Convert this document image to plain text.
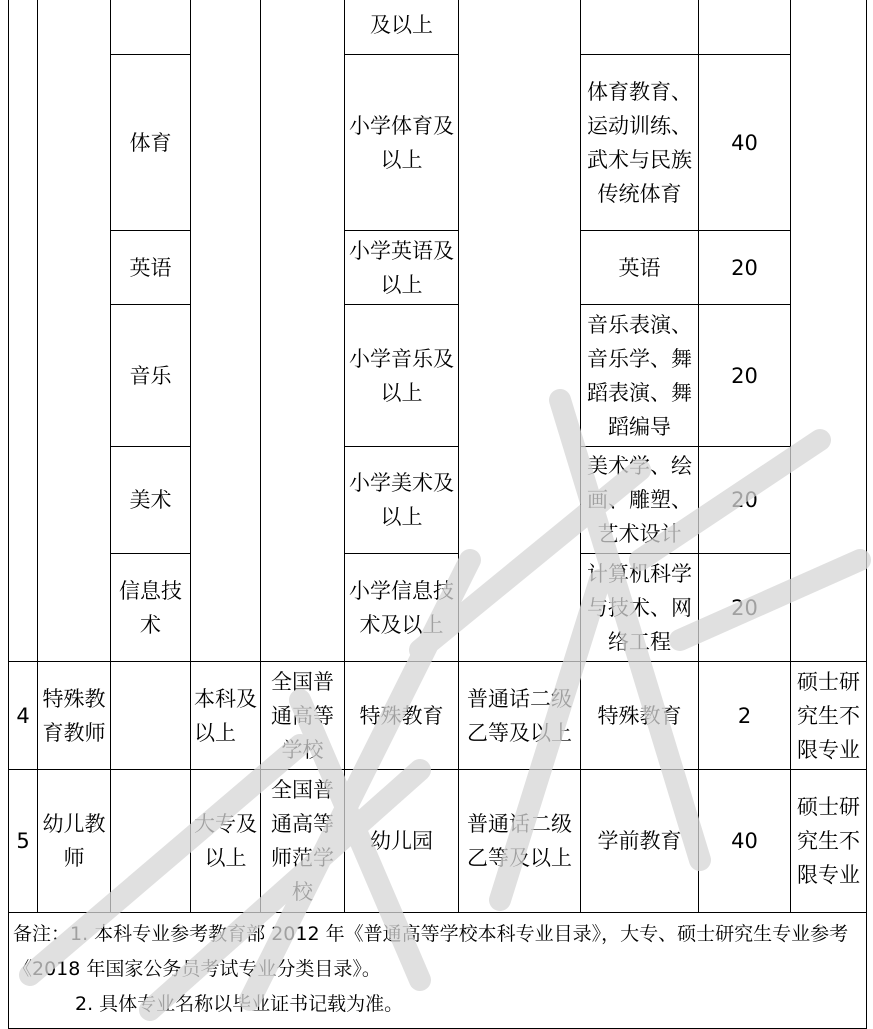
					及以上				
		体育			小学体育及以上		体育教育、运动训练、武术与民族传统体育	40	
		英语			小学英语及以上		英语	20	
		音乐			小学音乐及以上		音乐表演、音乐学、舞蹈表演、舞蹈编导	20	
		美术			小学美术及以上		美术学、绘画、雕塑、艺术设计	20	
		信息技术			小学信息技术及以上		计算机科学与技术、网络工程	20	
4	特殊教育教师		本科及以上	全国普通高等学校	特殊教育	普通话二级乙等及以上	特殊教育	2	硕士研究生不限专业
5	幼儿教师		大专及以上	全国普通高等师范学校	幼儿园	普通话二级乙等及以上	学前教育	40	硕士研究生不限专业
备注：1. 本科专业参考教育部 2012 年《普通高等学校本科专业目录》，大专、硕士研究生专业参考《2018 年国家公务员考试专业分类目录》。
2. 具体专业名称以毕业证书记载为准。									
